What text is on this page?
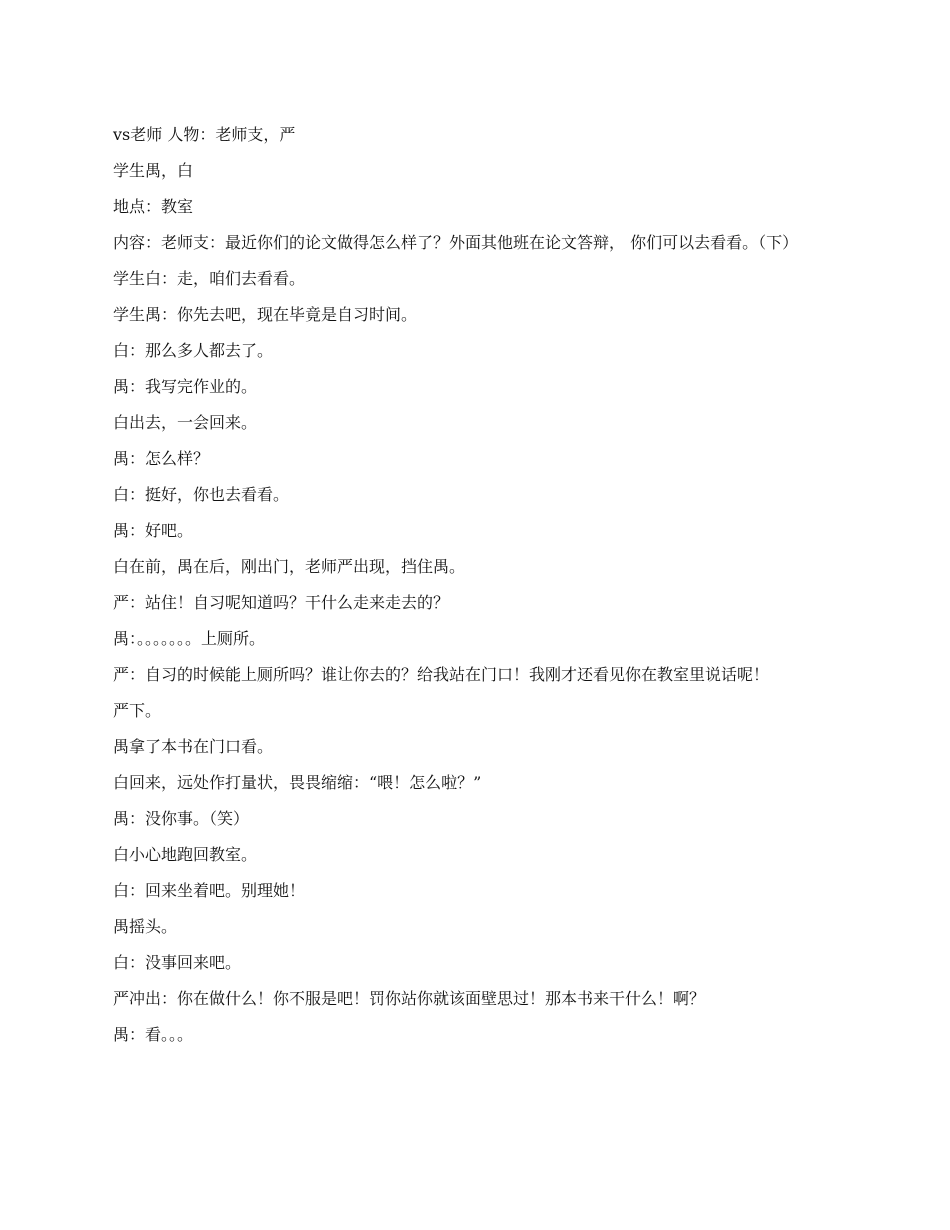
vs老师 人物：老师支，严

学生禺，白

地点：教室

内容：老师支：最近你们的论文做得怎么样了？外面其他班在论文答辩， 你们可以去看看。（下）

学生白：走，咱们去看看。

学生禺：你先去吧，现在毕竟是自习时间。

白：那么多人都去了。

禺：我写完作业的。

白出去，一会回来。

禺：怎么样？

白：挺好，你也去看看。

禺：好吧。

白在前，禺在后，刚出门，老师严出现，挡住禺。

严：站住！自习呢知道吗？干什么走来走去的？

禺：。。。。。。。上厕所。

严：自习的时候能上厕所吗？谁让你去的？给我站在门口！我刚才还看见你在教室里说话呢！

严下。

禺拿了本书在门口看。

白回来，远处作打量状，畏畏缩缩：“喂！怎么啦？”

禺：没你事。（笑）

白小心地跑回教室。

白：回来坐着吧。别理她！

禺摇头。

白：没事回来吧。

严冲出：你在做什么！你不服是吧！罚你站你就该面壁思过！那本书来干什么！啊？

禺：看。。。
